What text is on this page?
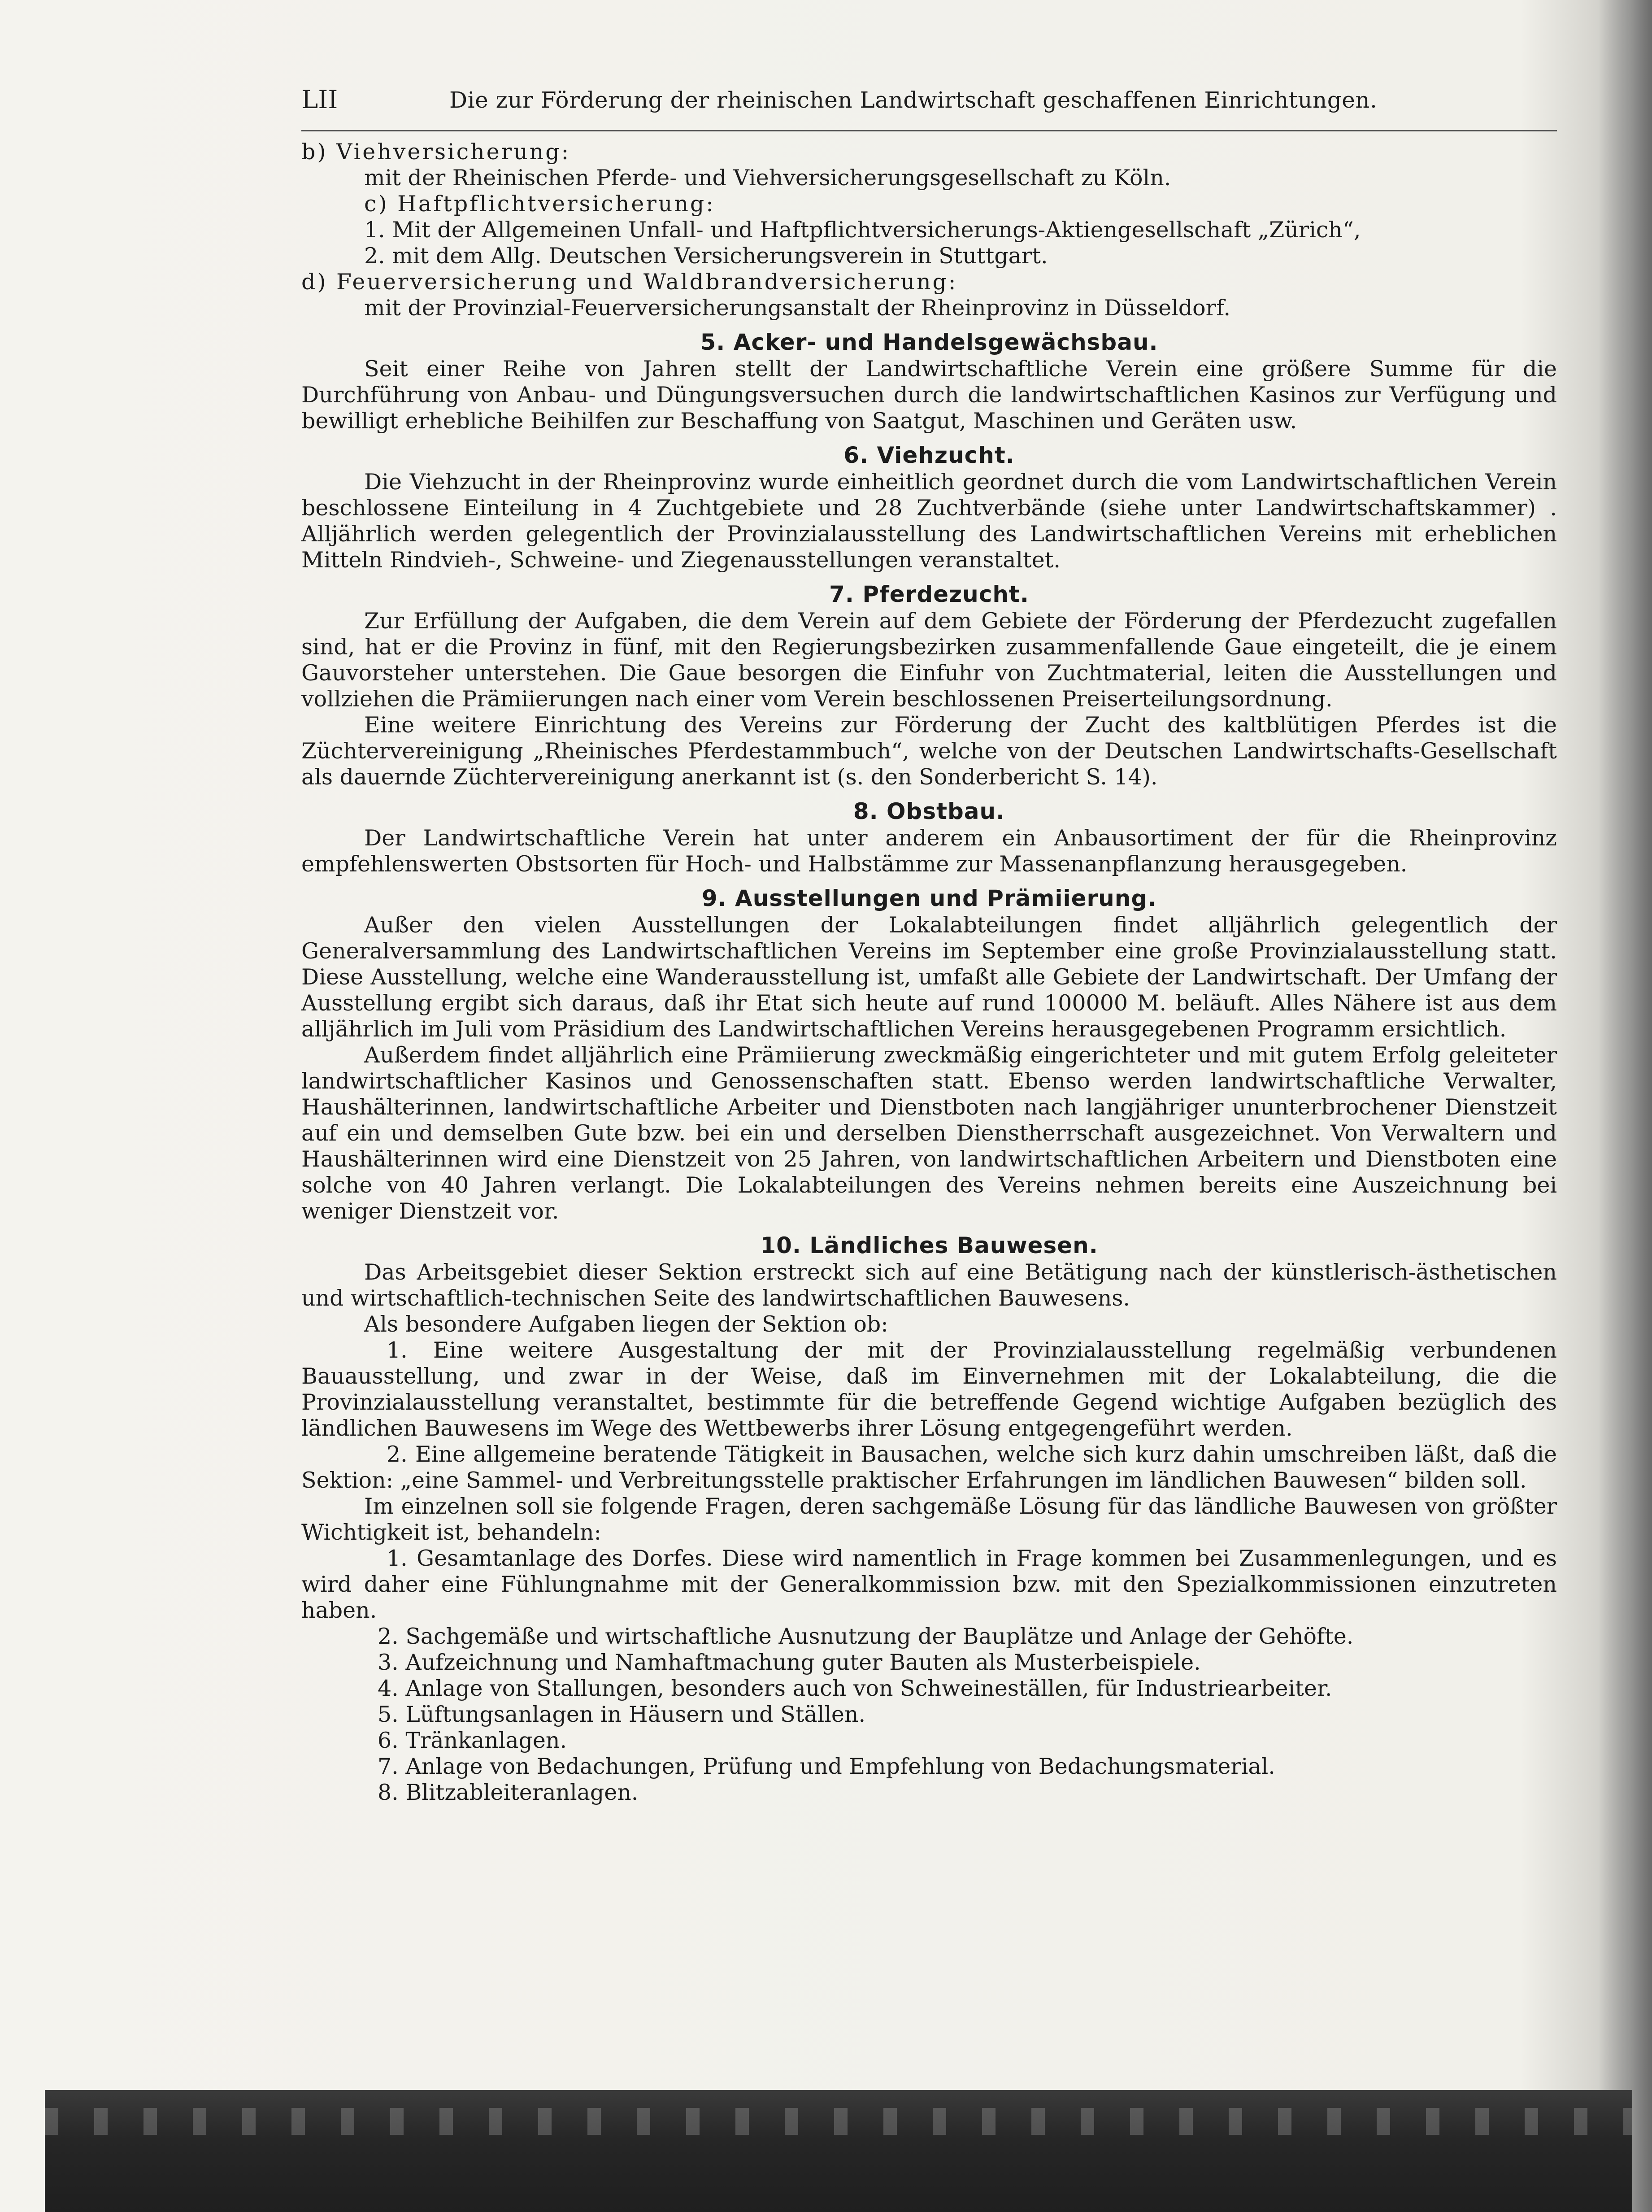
LII	Die zur Förderung der rheinischen Landwirtschaft geschaffenen Einrichtungen.

b) Viehversicherung:

mit der Rheinischen Pferde- und Viehversicherungsgesellschaft zu Köln.

c) Haftpflichtversicherung:

1. Mit der Allgemeinen Unfall- und Haftpflichtversicherungs-Aktiengesellschaft „Zürich“,

2. mit dem Allg. Deutschen Versicherungsverein in Stuttgart.

d) Feuerversicherung und Waldbrandversicherung:

mit der Provinzial-Feuerversicherungsanstalt der Rheinprovinz in Düsseldorf.

5. Acker- und Handelsgewächsbau.

Seit einer Reihe von Jahren stellt der Landwirtschaftliche Verein eine größere Summe für die Durchführung von Anbau- und Düngungsversuchen durch die landwirtschaftlichen Kasinos zur Verfügung und bewilligt erhebliche Beihilfen zur Beschaffung von Saatgut, Maschinen und Geräten usw.

6. Viehzucht.

Die Viehzucht in der Rheinprovinz wurde einheitlich geordnet durch die vom Landwirtschaftlichen Verein beschlossene Einteilung in 4 Zuchtgebiete und 28 Zuchtverbände (siehe unter Landwirtschaftskammer) . Alljährlich werden gelegentlich der Provinzialausstellung des Landwirtschaftlichen Vereins mit erheblichen Mitteln Rindvieh-, Schweine- und Ziegenausstellungen veranstaltet.

7. Pferdezucht.

Zur Erfüllung der Aufgaben, die dem Verein auf dem Gebiete der Förderung der Pferdezucht zugefallen sind, hat er die Provinz in fünf, mit den Regierungsbezirken zusammenfallende Gaue eingeteilt, die je einem Gauvorsteher unterstehen. Die Gaue besorgen die Einfuhr von Zuchtmaterial, leiten die Ausstellungen und vollziehen die Prämiierungen nach einer vom Verein beschlossenen Preiserteilungsordnung.

Eine weitere Einrichtung des Vereins zur Förderung der Zucht des kaltblütigen Pferdes ist die Züchtervereinigung „Rheinisches Pferdestammbuch“, welche von der Deutschen Landwirtschafts-Gesellschaft als dauernde Züchtervereinigung anerkannt ist (s. den Sonderbericht S. 14).

8. Obstbau.

Der Landwirtschaftliche Verein hat unter anderem ein Anbausortiment der für die Rheinprovinz empfehlenswerten Obstsorten für Hoch- und Halbstämme zur Massenanpflanzung herausgegeben.

9. Ausstellungen und Prämiierung.

Außer den vielen Ausstellungen der Lokalabteilungen findet alljährlich gelegentlich der Generalversammlung des Landwirtschaftlichen Vereins im September eine große Provinzialausstellung statt. Diese Ausstellung, welche eine Wanderausstellung ist, umfaßt alle Gebiete der Landwirtschaft. Der Umfang der Ausstellung ergibt sich daraus, daß ihr Etat sich heute auf rund 100000 M. beläuft. Alles Nähere ist aus dem alljährlich im Juli vom Präsidium des Landwirtschaftlichen Vereins herausgegebenen Programm ersichtlich.

Außerdem findet alljährlich eine Prämiierung zweckmäßig eingerichteter und mit gutem Erfolg geleiteter landwirtschaftlicher Kasinos und Genossenschaften statt. Ebenso werden landwirtschaftliche Verwalter, Haushälterinnen, landwirtschaftliche Arbeiter und Dienstboten nach langjähriger ununterbrochener Dienstzeit auf ein und demselben Gute bzw. bei ein und derselben Dienstherrschaft ausgezeichnet. Von Verwaltern und Haushälterinnen wird eine Dienstzeit von 25 Jahren, von landwirtschaftlichen Arbeitern und Dienstboten eine solche von 40 Jahren verlangt. Die Lokalabteilungen des Vereins nehmen bereits eine Auszeichnung bei weniger Dienstzeit vor.

10. Ländliches Bauwesen.

Das Arbeitsgebiet dieser Sektion erstreckt sich auf eine Betätigung nach der künstlerisch-ästhetischen und wirtschaftlich-technischen Seite des landwirtschaftlichen Bauwesens.

Als besondere Aufgaben liegen der Sektion ob:

1. Eine weitere Ausgestaltung der mit der Provinzialausstellung regelmäßig verbundenen Bauausstellung, und zwar in der Weise, daß im Einvernehmen mit der Lokalabteilung, die die Provinzialausstellung veranstaltet, bestimmte für die betreffende Gegend wichtige Aufgaben bezüglich des ländlichen Bauwesens im Wege des Wettbewerbs ihrer Lösung entgegengeführt werden.

2. Eine allgemeine beratende Tätigkeit in Bausachen, welche sich kurz dahin umschreiben läßt, daß die Sektion: „eine Sammel- und Verbreitungsstelle praktischer Erfahrungen im ländlichen Bauwesen“ bilden soll.

Im einzelnen soll sie folgende Fragen, deren sachgemäße Lösung für das ländliche Bauwesen von größter Wichtigkeit ist, behandeln:

1. Gesamtanlage des Dorfes. Diese wird namentlich in Frage kommen bei Zusammenlegungen, und es wird daher eine Fühlungnahme mit der Generalkommission bzw. mit den Spezialkommissionen einzutreten haben.

2. Sachgemäße und wirtschaftliche Ausnutzung der Bauplätze und Anlage der Gehöfte.

3. Aufzeichnung und Namhaftmachung guter Bauten als Musterbeispiele.

4. Anlage von Stallungen, besonders auch von Schweineställen, für Industriearbeiter.

5. Lüftungsanlagen in Häusern und Ställen.

6. Tränkanlagen.

7. Anlage von Bedachungen, Prüfung und Empfehlung von Bedachungsmaterial.

8. Blitzableiteranlagen.
